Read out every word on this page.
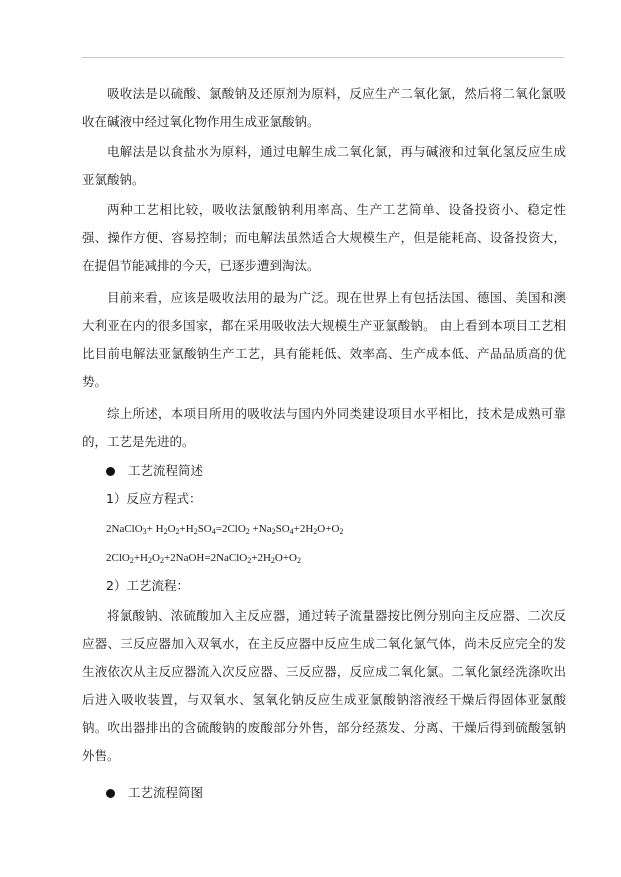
吸收法是以硫酸、氯酸钠及还原剂为原料，反应生产二氧化氯，然后将二氧化氯吸收在碱液中经过氧化物作用生成亚氯酸钠。

电解法是以食盐水为原料，通过电解生成二氧化氯，再与碱液和过氧化氢反应生成亚氯酸钠。

两种工艺相比较，吸收法氯酸钠利用率高、生产工艺简单、设备投资小、稳定性强、操作方便、容易控制；而电解法虽然适合大规模生产，但是能耗高、设备投资大，在提倡节能减排的今天，已逐步遭到淘汰。

目前来看，应该是吸收法用的最为广泛。现在世界上有包括法国、德国、美国和澳大利亚在内的很多国家，都在采用吸收法大规模生产亚氯酸钠。 由上看到本项目工艺相比目前电解法亚氯酸钠生产工艺，具有能耗低、效率高、生产成本低、产品品质高的优势。

综上所述，本项目所用的吸收法与国内外同类建设项目水平相比，技术是成熟可靠的，工艺是先进的。

工艺流程简述
1）反应方程式：
2NaClO$_3$+ $H_2O_2+H_2SO_4=2ClO_2 +Na_2SO_4+2H_2O+O_2$
$2ClO_2+H_2O_2+2NaOH=2NaClO_2+2H_2O+O_2$
2）工艺流程：

将氯酸钠、浓硫酸加入主反应器，通过转子流量器按比例分别向主反应器、二次反应器、三反应器加入双氧水，在主反应器中反应生成二氧化氯气体，尚未反应完全的发生液依次从主反应器流入次反应器、三反应器，反应成二氧化氯。二氧化氯经洗涤吹出后进入吸收装置，与双氧水、氢氧化钠反应生成亚氯酸钠溶液经干燥后得固体亚氯酸钠。吹出器排出的含硫酸钠的废酸部分外售，部分经蒸发、分离、干燥后得到硫酸氢钠外售。

工艺流程简图
